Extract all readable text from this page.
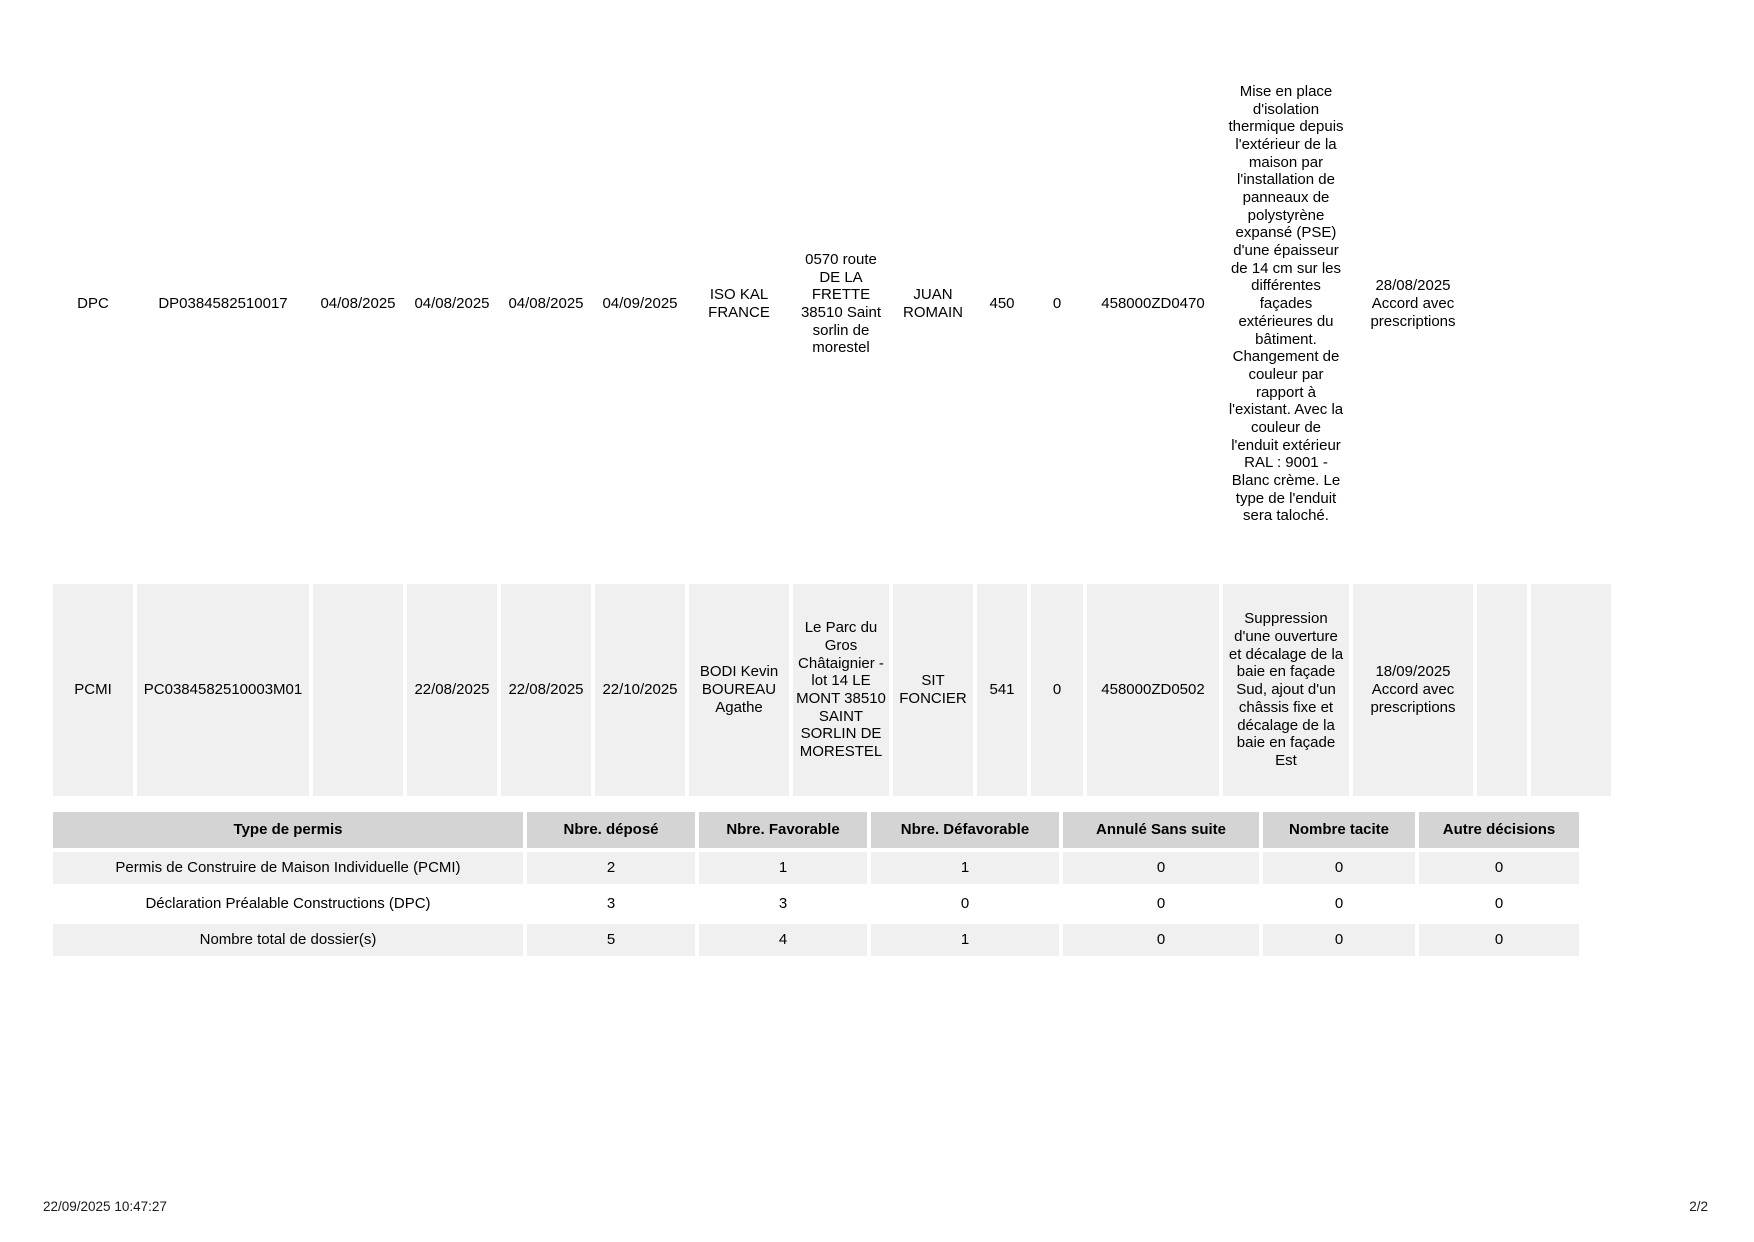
DPC	DP0384582510017	04/08/2025	04/08/2025	04/08/2025	04/09/2025	ISO KAL FRANCE	0570 route DE LA FRETTE 38510 Saint sorlin de morestel	JUAN ROMAIN	450	0	458000ZD0470	Mise en place d'isolation thermique depuis l'extérieur de la maison par l'installation de panneaux de polystyrène expansé (PSE) d'une épaisseur de 14 cm sur les différentes façades extérieures du bâtiment. Changement de couleur par rapport à l'existant. Avec la couleur de l'enduit extérieur RAL : 9001 - Blanc crème. Le type de l'enduit sera taloché.	28/08/2025 Accord avec prescriptions		
PCMI	PC0384582510003M01		22/08/2025	22/08/2025	22/10/2025	BODI Kevin BOUREAU Agathe	Le Parc du Gros Châtaignier - lot 14 LE MONT 38510 SAINT SORLIN DE MORESTEL	SIT FONCIER	541	0	458000ZD0502	Suppression d'une ouverture et décalage de la baie en façade Sud, ajout d'un châssis fixe et décalage de la baie en façade Est	18/09/2025 Accord avec prescriptions		
Type de permis	Nbre. déposé	Nbre. Favorable	Nbre. Défavorable	Annulé Sans suite	Nombre tacite	Autre décisions
Permis de Construire de Maison Individuelle (PCMI)	2	1	1	0	0	0
Déclaration Préalable Constructions (DPC)	3	3	0	0	0	0
Nombre total de dossier(s)	5	4	1	0	0	0
22/09/2025 10:47:27	2/2
